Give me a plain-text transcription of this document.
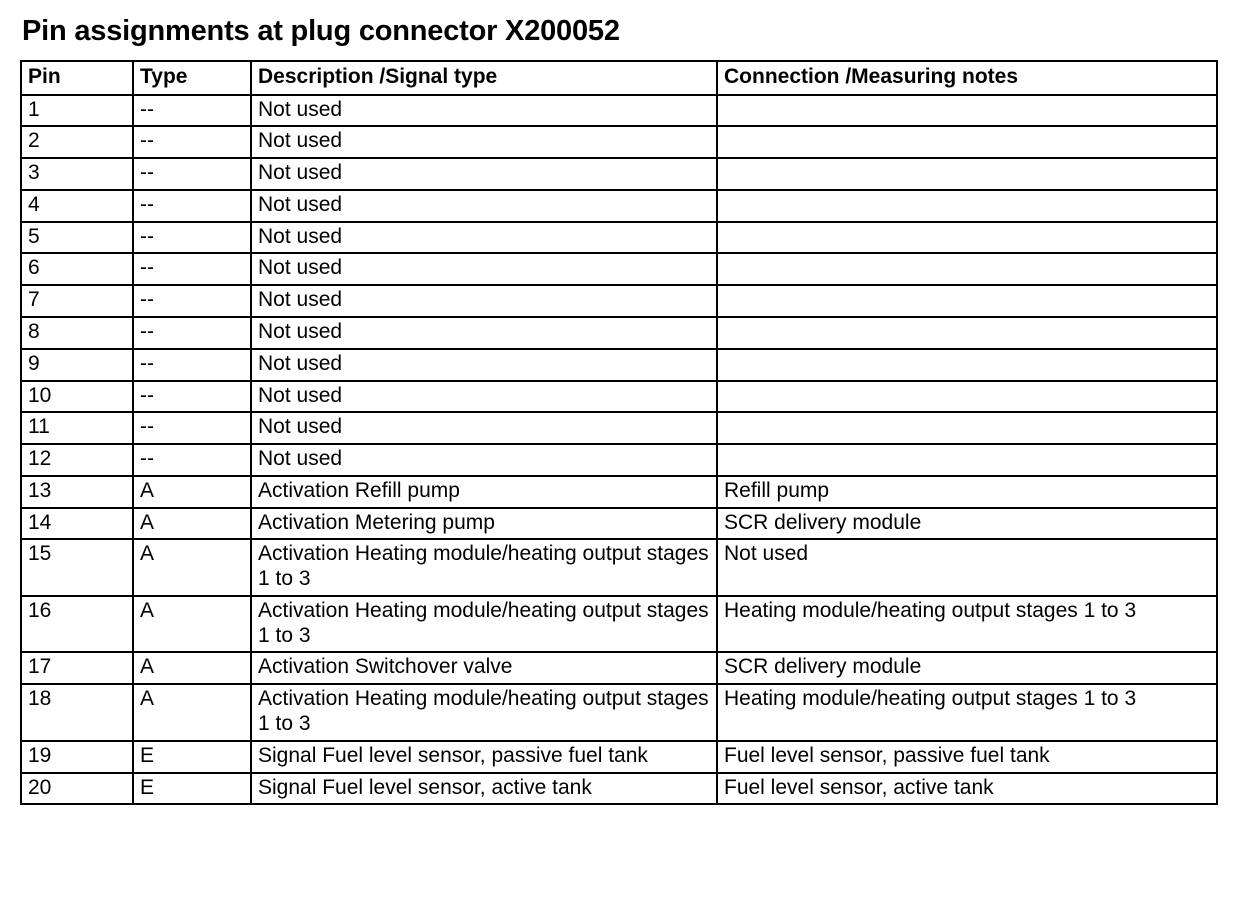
Pin assignments at plug connector X200052
Pin	Type	Description /Signal type	Connection /Measuring notes
1	--	Not used	
2	--	Not used	
3	--	Not used	
4	--	Not used	
5	--	Not used	
6	--	Not used	
7	--	Not used	
8	--	Not used	
9	--	Not used	
10	--	Not used	
11	--	Not used	
12	--	Not used	
13	A	Activation Refill pump	Refill pump
14	A	Activation Metering pump	SCR delivery module
15	A	Activation Heating module/heating output stages 1 to 3	Not used
16	A	Activation Heating module/heating output stages 1 to 3	Heating module/heating output stages 1 to 3
17	A	Activation Switchover valve	SCR delivery module
18	A	Activation Heating module/heating output stages 1 to 3	Heating module/heating output stages 1 to 3
19	E	Signal Fuel level sensor, passive fuel tank	Fuel level sensor, passive fuel tank
20	E	Signal Fuel level sensor, active tank	Fuel level sensor, active tank
